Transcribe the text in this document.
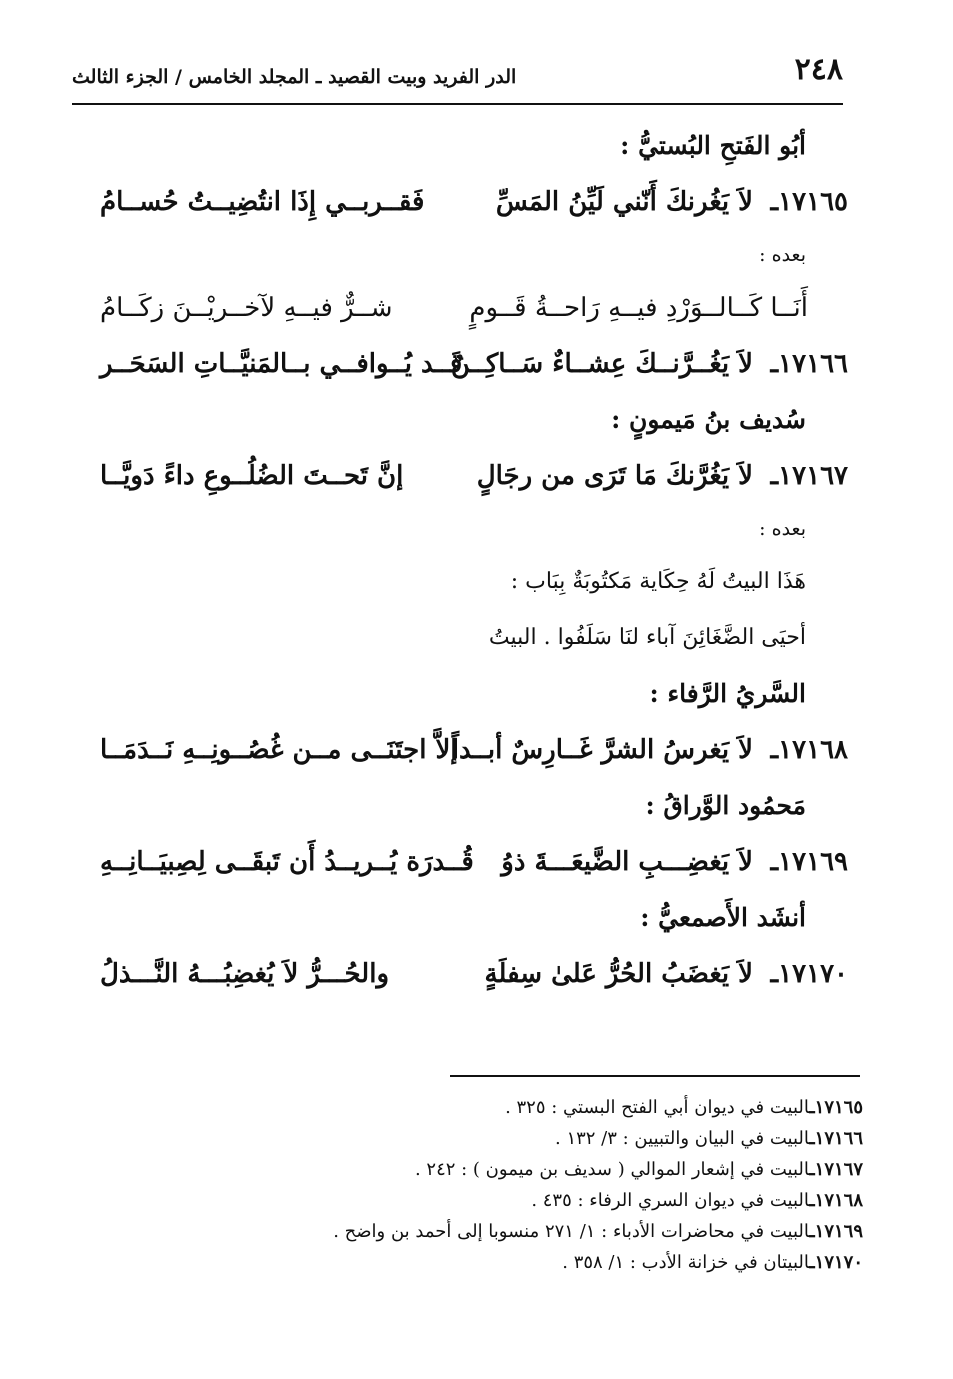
٢٤٨
الدر الفريد وبيت القصيد ـ المجلد الخامس / الجزء الثالث
أبُو الفَتحِ البُستيُّ :
١٧١٦٥ـ
لاَ يَغُرنكَ أَنّني لَيِّنُ المَسِّ
فَقــربــي إِذَا انتُضِيــتُ حُســامُ
بعده :
أَنَــا كَــالــوَرْدِ فيــهِ رَاحــةُ قَــومٍ
شــرٌّ فيــهِ لآخــريْــنَ زكَــامُ
١٧١٦٦ـ
لاَ يَغُــرَّنــكَ عِشــاءٌ سَــاكِــنٌ
قَــد يُــوافــي بــالمَنيَّــاتِ السَحَــر
سُديف بنُ مَيمونٍ :
١٧١٦٧ـ
لاَ يَغُرَّنكَ مَا تَرَى من رجَالٍ
إنَّ تَحــتَ الضُلُــوعِ داءً دَويَّــا
بعده :
هَذَا البيتُ لَهُ حِكَاية مَكتُوبَةٌ بِبَاب :
أحيَى الضَّغَائِنَ آباء لنَا سَلَفُوا . البيتُ
السَّريُ الرَّفاء :
١٧١٦٨ـ
لاَ يَغرسُ الشرَّ غَــارِسٌ أبــداً
إلاَّ اجتَنَــى مــن غُصُــونِــهِ نَــدَمَــا
مَحمُود الوَّراقُ :
١٧١٦٩ـ
لاَ يَغضِـــبِ الضَّيعَـــةَ ذوُ
قُــدرَة يُــريــدُ أَن تَبقَــى لِصِبيَــانِــهِ
أنشَد الأَصمعيُّ :
١٧١٧٠ـ
لاَ يَغضَبُ الحُرُّ عَلىٰ سِفلَةٍ
والحُـــرُّ لاَ يُغضِبُـــهُ النَّـــذلُ
١٧١٦٥ـالبيت في ديوان أبي الفتح البستي : ٣٢٥ .
١٧١٦٦ـالبيت في البيان والتبيين : ٣/ ١٣٢ .
١٧١٦٧ـالبيت في إشعار الموالي ( سديف بن ميمون ) : ٢٤٢ .
١٧١٦٨ـالبيت في ديوان السري الرفاء : ٤٣٥ .
١٧١٦٩ـالبيت في محاضرات الأدباء : ١/ ٢٧١ منسوبا إلى أحمد بن واضح .
١٧١٧٠ـالبيتان في خزانة الأدب : ١/ ٣٥٨ .
